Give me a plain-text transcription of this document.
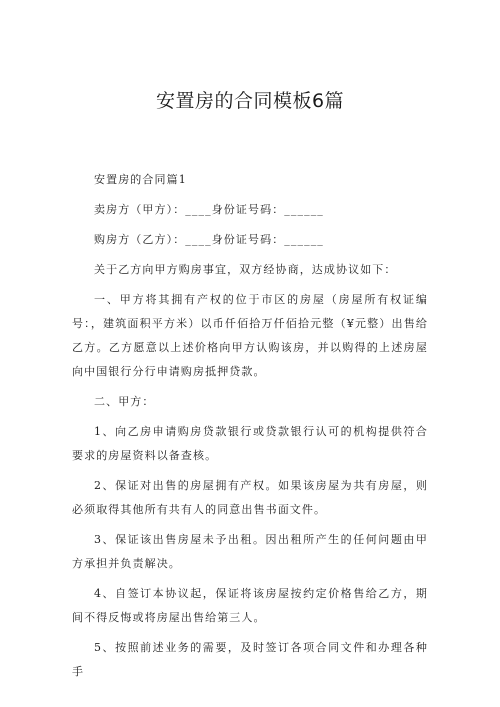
安置房的合同模板6篇

安置房的合同篇1

卖房方（甲方）：____身份证号码：______

购房方（乙方）：____身份证号码：______

关于乙方向甲方购房事宜，双方经协商，达成协议如下：

一、甲方将其拥有产权的位于市区的房屋（房屋所有权证编号：，建筑面积平方米）以币仟佰拾万仟佰拾元整（¥元整）出售给乙方。乙方愿意以上述价格向甲方认购该房，并以购得的上述房屋向中国银行分行申请购房抵押贷款。

二、甲方：

1、向乙房申请购房贷款银行或贷款银行认可的机构提供符合要求的房屋资料以备查核。

2、保证对出售的房屋拥有产权。如果该房屋为共有房屋，则必须取得其他所有共有人的同意出售书面文件。

3、保证该出售房屋未予出租。因出租所产生的任何问题由甲方承担并负责解决。

4、自签订本协议起，保证将该房屋按约定价格售给乙方，期间不得反悔或将房屋出售给第三人。

5、按照前述业务的需要，及时签订各项合同文件和办理各种手
